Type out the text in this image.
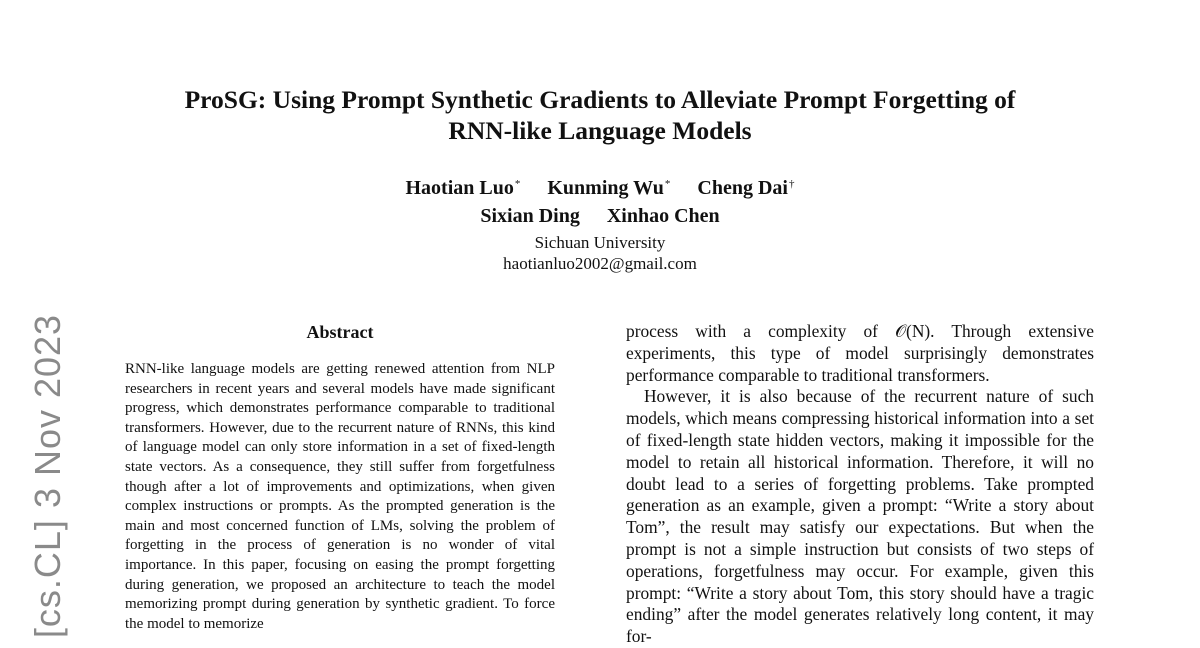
ProSG: Using Prompt Synthetic Gradients to Alleviate Prompt Forgetting of
RNN-like Language Models
Haotian Luo* Kunming Wu* Cheng Dai†
Sixian Ding Xinhao Chen
Sichuan University
haotianluo2002@gmail.com
[cs.CL] 3 Nov 2023	Abstract
RNN-like language models are getting renewed attention from NLP researchers in recent years and several models have made significant progress, which demonstrates performance comparable to traditional transformers. However, due to the recurrent nature of RNNs, this kind of language model can only store information in a set of fixed-length state vectors. As a consequence, they still suffer from forgetfulness though after a lot of improvements and optimizations, when given complex instructions or prompts. As the prompted generation is the main and most concerned function of LMs, solving the problem of forgetting in the process of generation is no wonder of vital importance. In this paper, focusing on easing the prompt forgetting during generation, we proposed an architecture to teach the model memorizing prompt during generation by synthetic gradient. To force the model to memorize

process with a complexity of 𝒪(N). Through extensive experiments, this type of model surprisingly demonstrates performance comparable to traditional transformers.

However, it is also because of the recurrent nature of such models, which means compressing historical information into a set of fixed-length state hidden vectors, making it impossible for the model to retain all historical information. Therefore, it will no doubt lead to a series of forgetting problems. Take prompted generation as an example, given a prompt: “Write a story about Tom”, the result may satisfy our expectations. But when the prompt is not a simple instruction but consists of two steps of operations, forgetfulness may occur. For example, given this prompt: “Write a story about Tom, this story should have a tragic ending” after the model generates relatively long content, it may for-
